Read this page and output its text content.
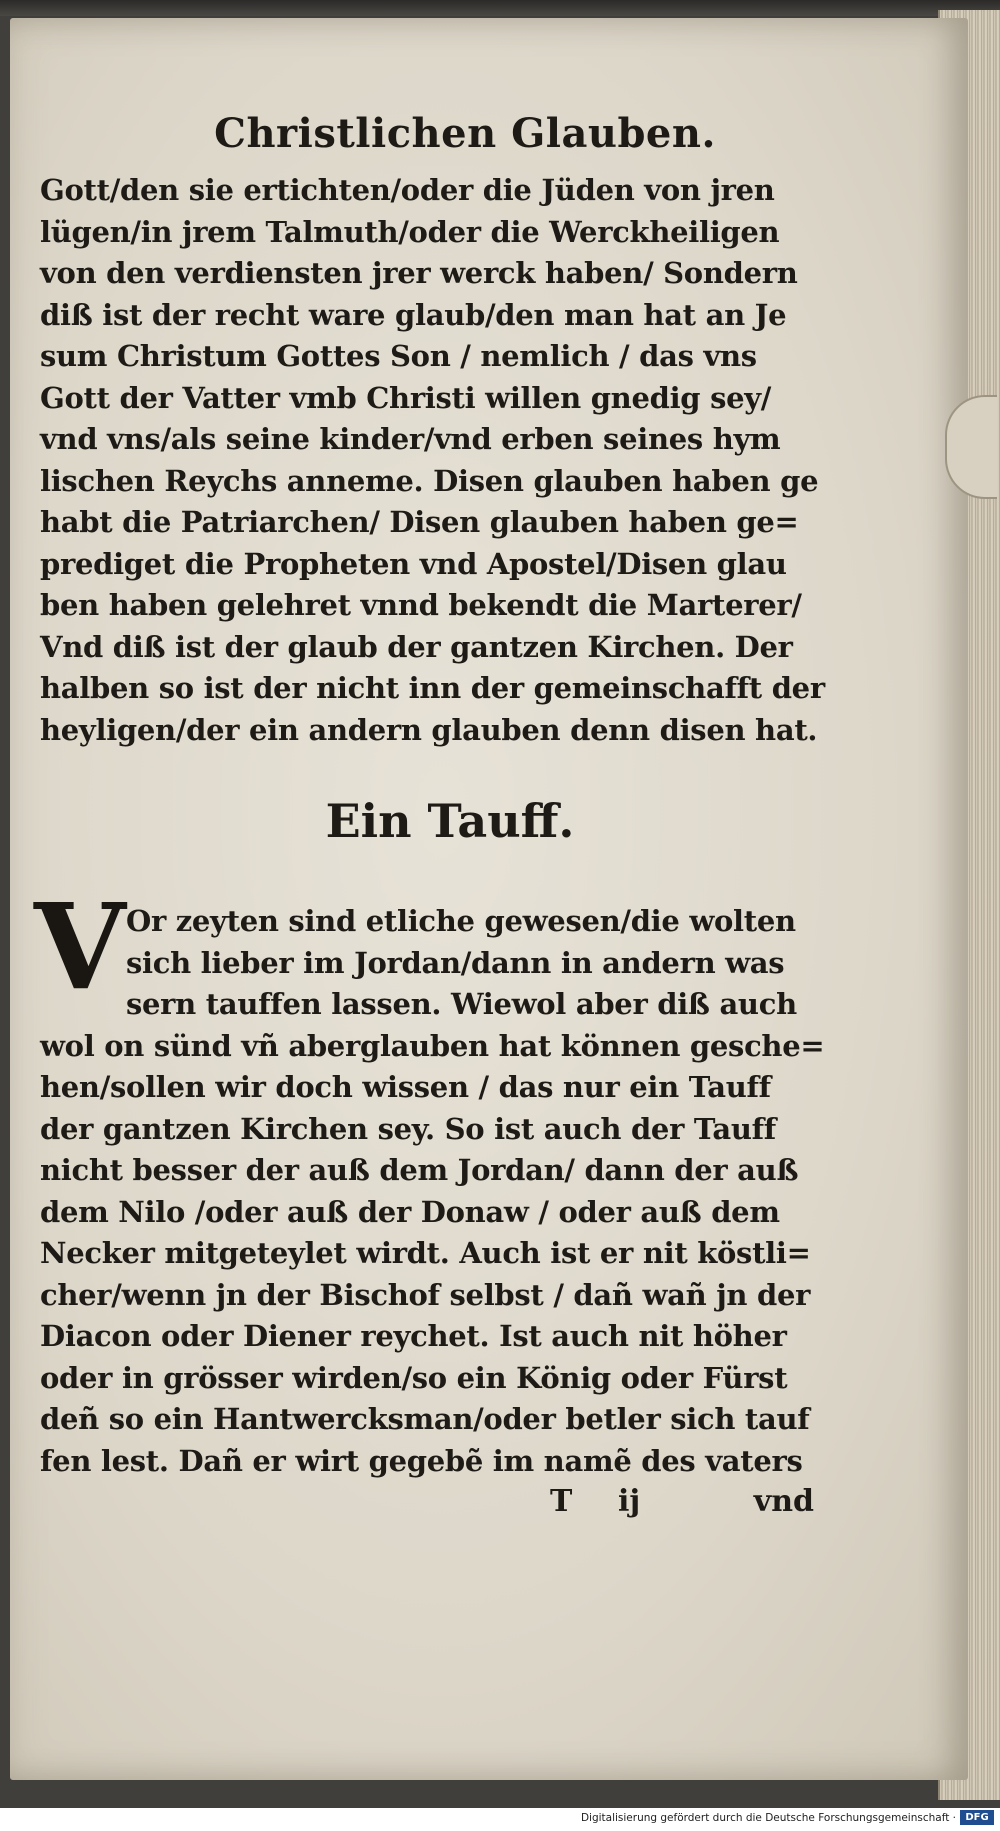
Christlichen Glauben.
Gott/den sie ertichten/oder die Jüden von jren
lügen/in jrem Talmuth/oder die Werckheiligen
von den verdiensten jrer werck haben/ Sondern
diß ist der recht ware glaub/den man hat an Je
sum Christum Gottes Son / nemlich / das vns
Gott der Vatter vmb Christi willen gnedig sey/
vnd vns/als seine kinder/vnd erben seines hym
lischen Reychs anneme. Disen glauben haben ge
habt die Patriarchen/ Disen glauben haben ge=
prediget die Propheten vnd Apostel/Disen glau
ben haben gelehret vnnd bekendt die Marterer/
Vnd diß ist der glaub der gantzen Kirchen. Der
halben so ist der nicht inn der gemeinschafft der
heyligen/der ein andern glauben denn disen hat.
Ein Tauff.
V Or zeyten sind etliche gewesen/die wolten
sich lieber im Jordan/dann in andern was
sern tauffen lassen. Wiewol aber diß auch
wol on sünd vñ aberglauben hat können gesche=
hen/sollen wir doch wissen / das nur ein Tauff
der gantzen Kirchen sey. So ist auch der Tauff
nicht besser der auß dem Jordan/ dann der auß
dem Nilo /oder auß der Donaw / oder auß dem
Necker mitgeteylet wirdt. Auch ist er nit köstli=
cher/wenn jn der Bischof selbst / dañ wañ jn der
Diacon oder Diener reychet. Ist auch nit höher
oder in grösser wirden/so ein König oder Fürst
deñ so ein Hantwercksman/oder betler sich tauf
fen lest. Dañ er wirt gegebẽ im namẽ des vaters
T ij	vnd
Digitalisierung gefördert durch die Deutsche Forschungsgemeinschaft · DFG
